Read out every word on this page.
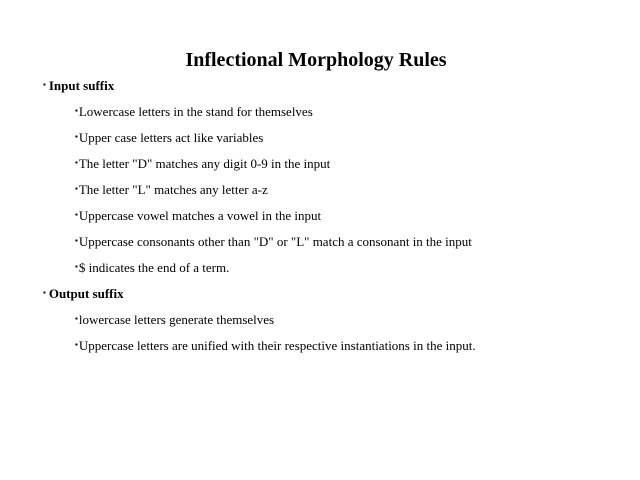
Inflectional Morphology Rules
▪ Input suffix
▪Lowercase letters in the stand for themselves
▪Upper case letters act like variables
▪The letter "D" matches any digit 0-9 in the input
▪The letter "L" matches any letter a-z
▪Uppercase vowel matches a vowel in the input
▪Uppercase consonants other than "D" or "L" match a consonant in the input
▪$ indicates the end of a term.
▪ Output suffix
▪lowercase letters generate themselves
▪Uppercase letters are unified with their respective instantiations in the input.
